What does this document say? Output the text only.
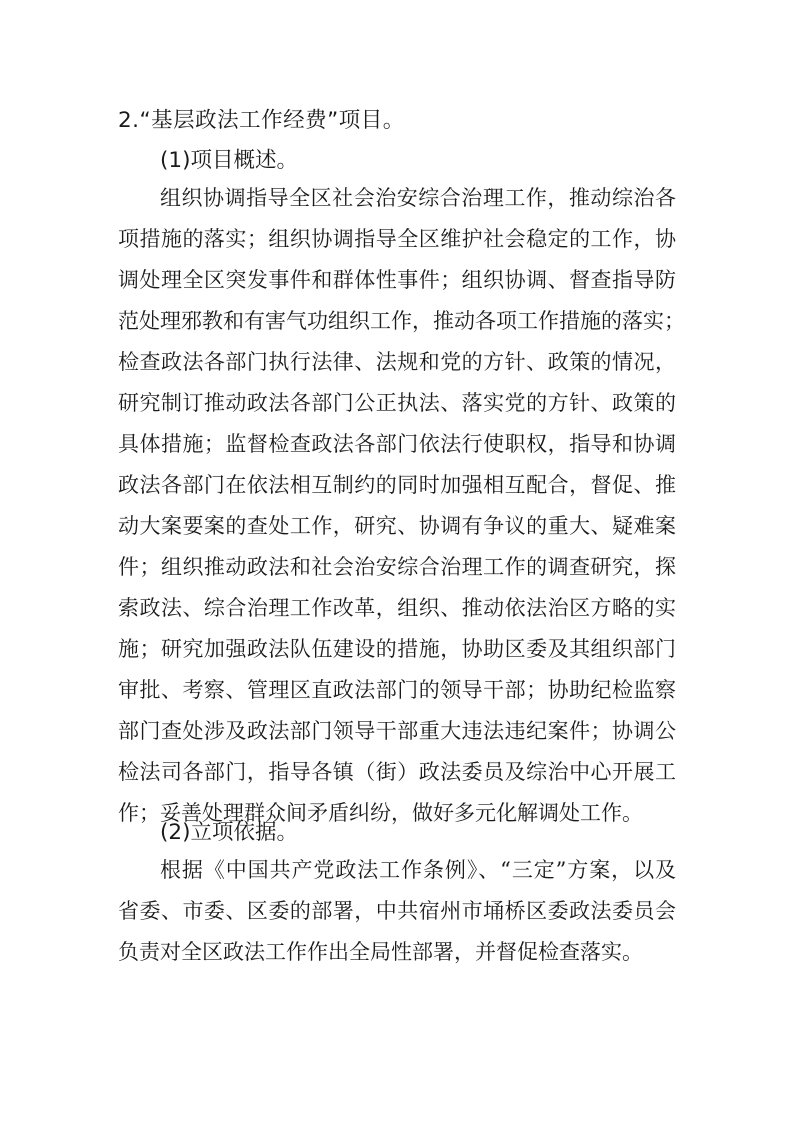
2.“基层政法工作经费”项目。
(1)项目概述。
组织协调指导全区社会治安综合治理工作，推动综治各
项措施的落实；组织协调指导全区维护社会稳定的工作，协
调处理全区突发事件和群体性事件；组织协调、督查指导防
范处理邪教和有害气功组织工作，推动各项工作措施的落实；
检查政法各部门执行法律、法规和党的方针、政策的情况，
研究制订推动政法各部门公正执法、落实党的方针、政策的
具体措施；监督检查政法各部门依法行使职权，指导和协调
政法各部门在依法相互制约的同时加强相互配合，督促、推
动大案要案的查处工作，研究、协调有争议的重大、疑难案
件；组织推动政法和社会治安综合治理工作的调查研究，探
索政法、综合治理工作改革，组织、推动依法治区方略的实
施；研究加强政法队伍建设的措施，协助区委及其组织部门
审批、考察、管理区直政法部门的领导干部；协助纪检监察
部门查处涉及政法部门领导干部重大违法违纪案件；协调公
检法司各部门，指导各镇（街）政法委员及综治中心开展工
作；妥善处理群众间矛盾纠纷，做好多元化解调处工作。
(2)立项依据。
根据《中国共产党政法工作条例》、“三定”方案，以及
省委、市委、区委的部署，中共宿州市埇桥区委政法委员会
负责对全区政法工作作出全局性部署，并督促检查落实。
